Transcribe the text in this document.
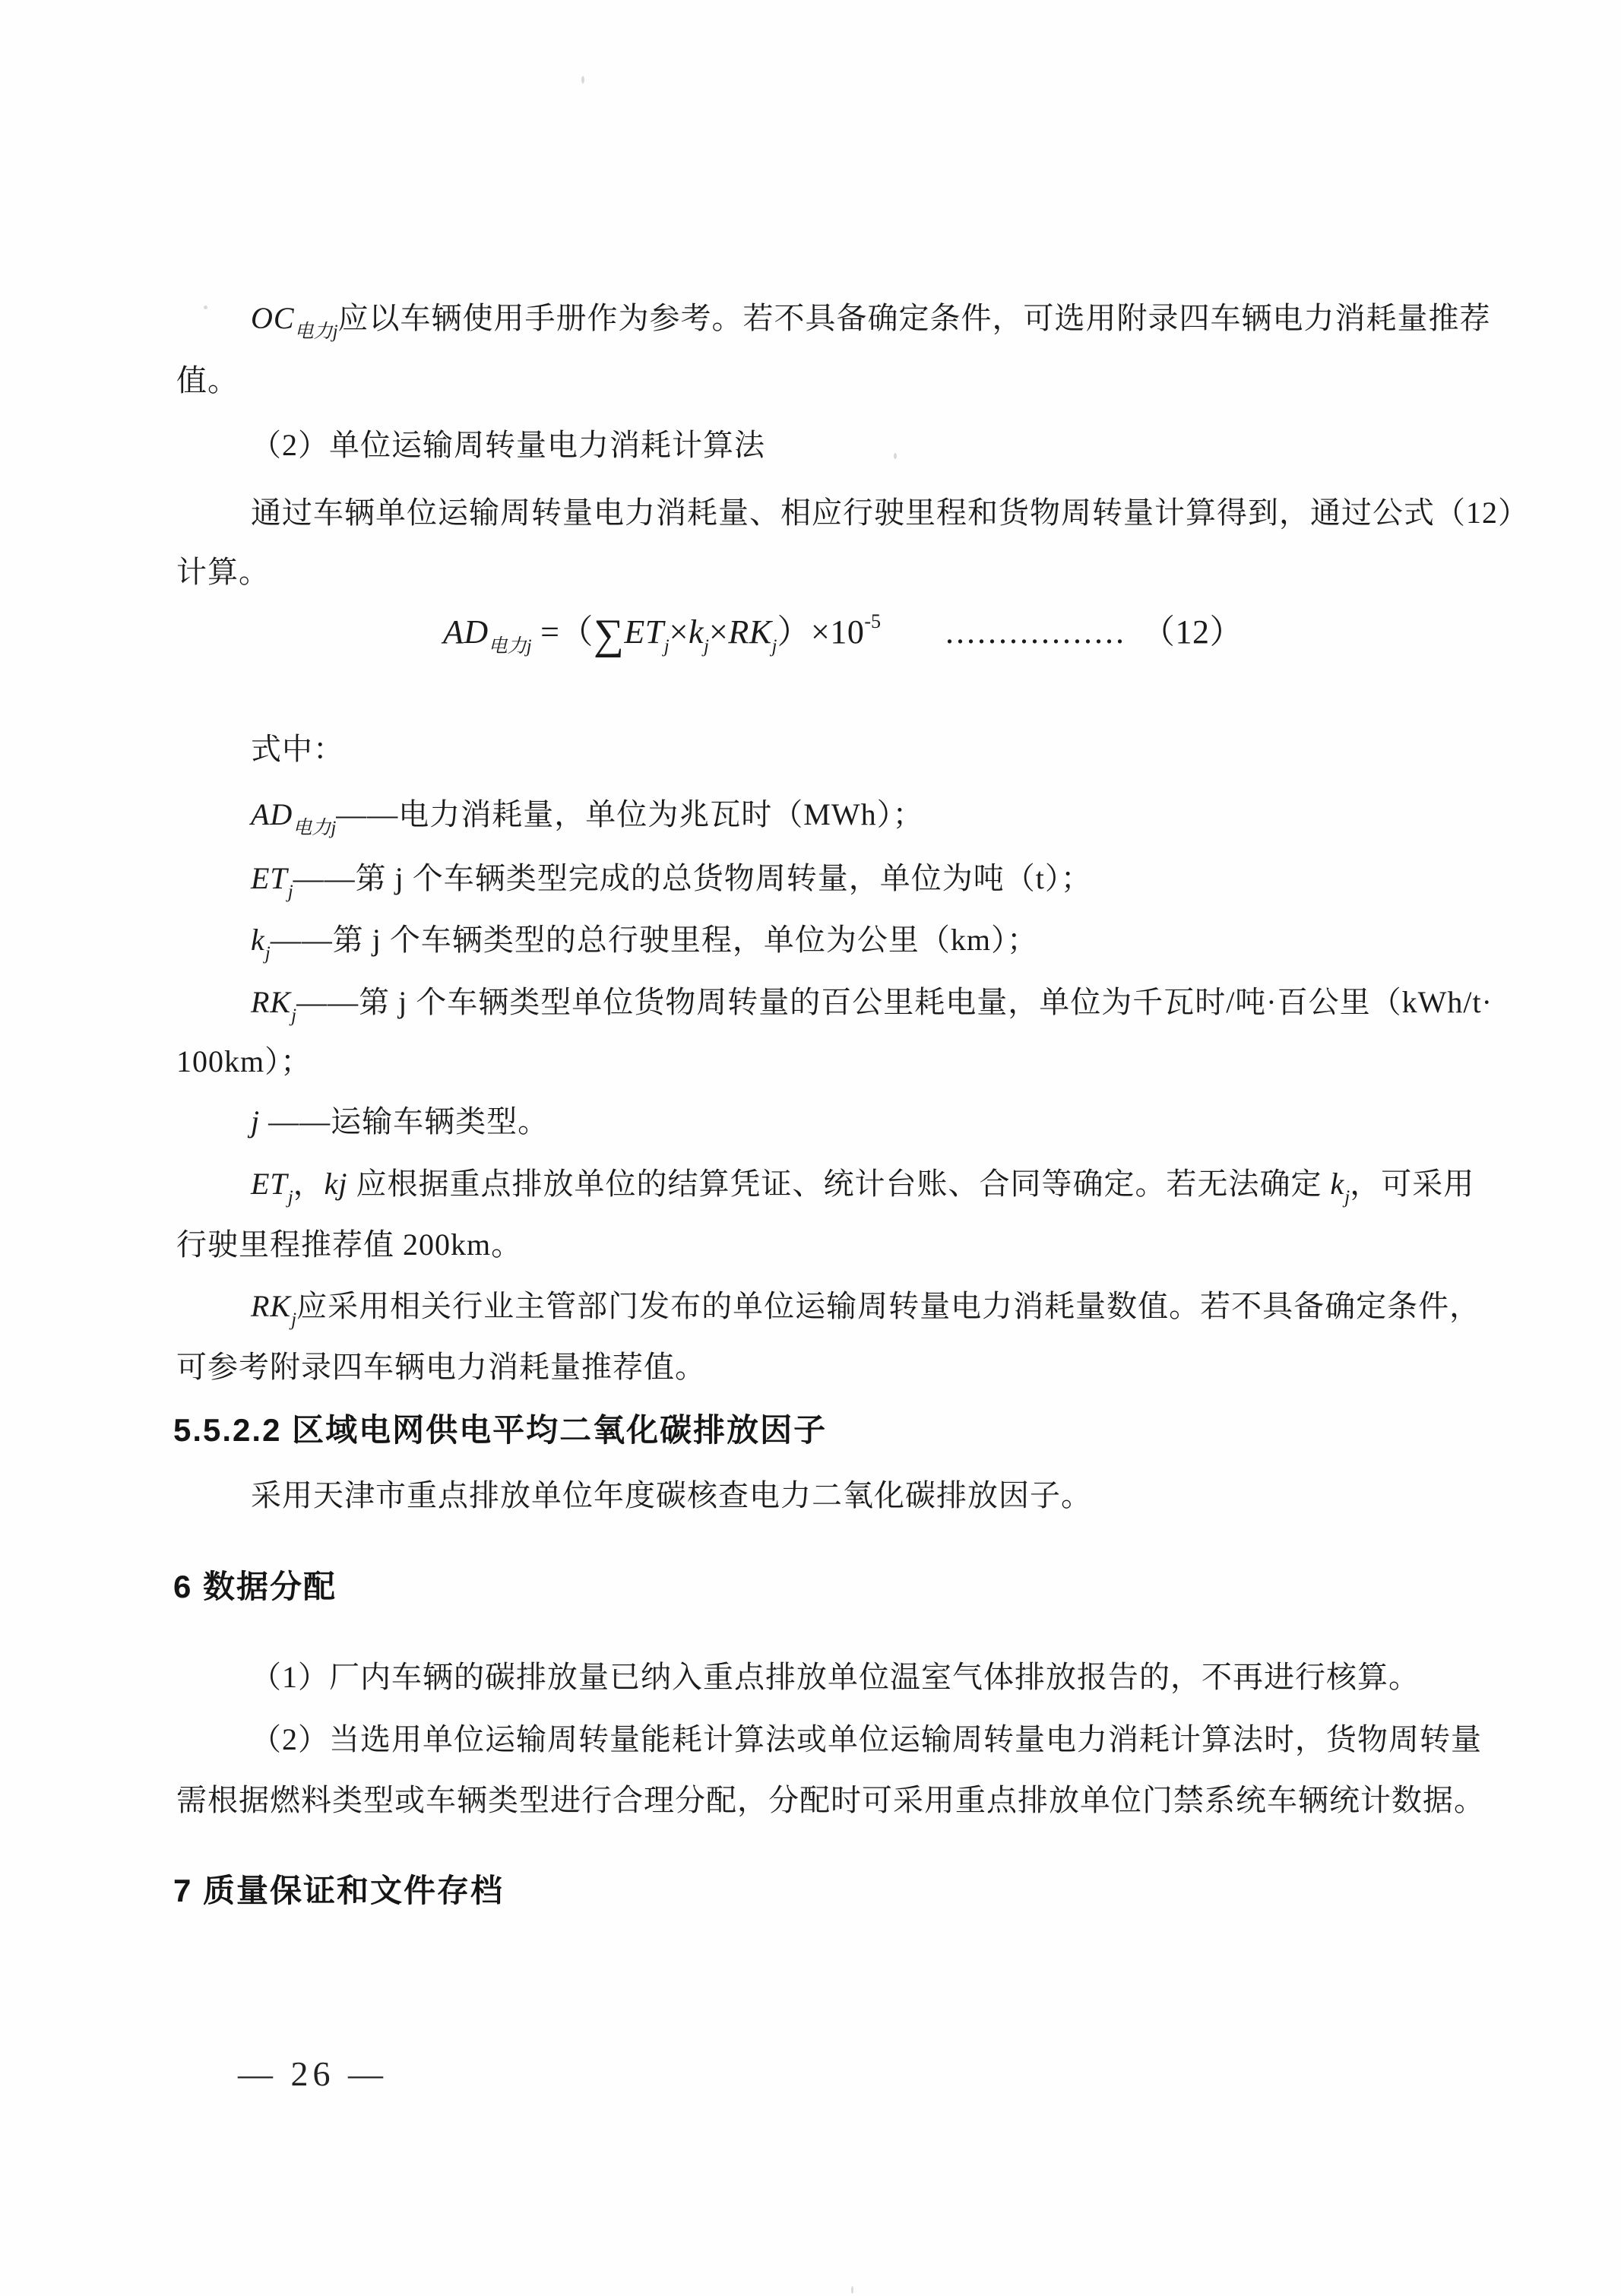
$OC_{电力j}$应以车辆使用手册作为参考。若不具备确定条件，可选用附录四车辆电力消耗量推荐
值。
（2）单位运输周转量电力消耗计算法
通过车辆单位运输周转量电力消耗量、相应行驶里程和货物周转量计算得到，通过公式（12）
计算。
$AD_{电力j} =(\sum ET_j\times k_j\times RK_j)\times 10^{-5}$ ................. （12）
式中：
$AD_{电力j}——$电力消耗量，单位为兆瓦时（MWh）；
$ET_j——$第 j 个车辆类型完成的总货物周转量，单位为吨（t）；
$k_j——$第 j 个车辆类型的总行驶里程，单位为公里（km）；
$RK_j——$第 j 个车辆类型单位货物周转量的百公里耗电量，单位为千瓦时/吨·百公里（kWh/t·
100km）；
j ——运输车辆类型。
$ET_j$，kj 应根据重点排放单位的结算凭证、统计台账、合同等确定。若无法确定 $k_j$，可采用
行驶里程推荐值 200km。
$RK_j$应采用相关行业主管部门发布的单位运输周转量电力消耗量数值。若不具备确定条件，
可参考附录四车辆电力消耗量推荐值。
5.5.2.2 区域电网供电平均二氧化碳排放因子
采用天津市重点排放单位年度碳核查电力二氧化碳排放因子。
6 数据分配
（1）厂内车辆的碳排放量已纳入重点排放单位温室气体排放报告的，不再进行核算。
（2）当选用单位运输周转量能耗计算法或单位运输周转量电力消耗计算法时，货物周转量
需根据燃料类型或车辆类型进行合理分配，分配时可采用重点排放单位门禁系统车辆统计数据。
7 质量保证和文件存档
— 26 —
